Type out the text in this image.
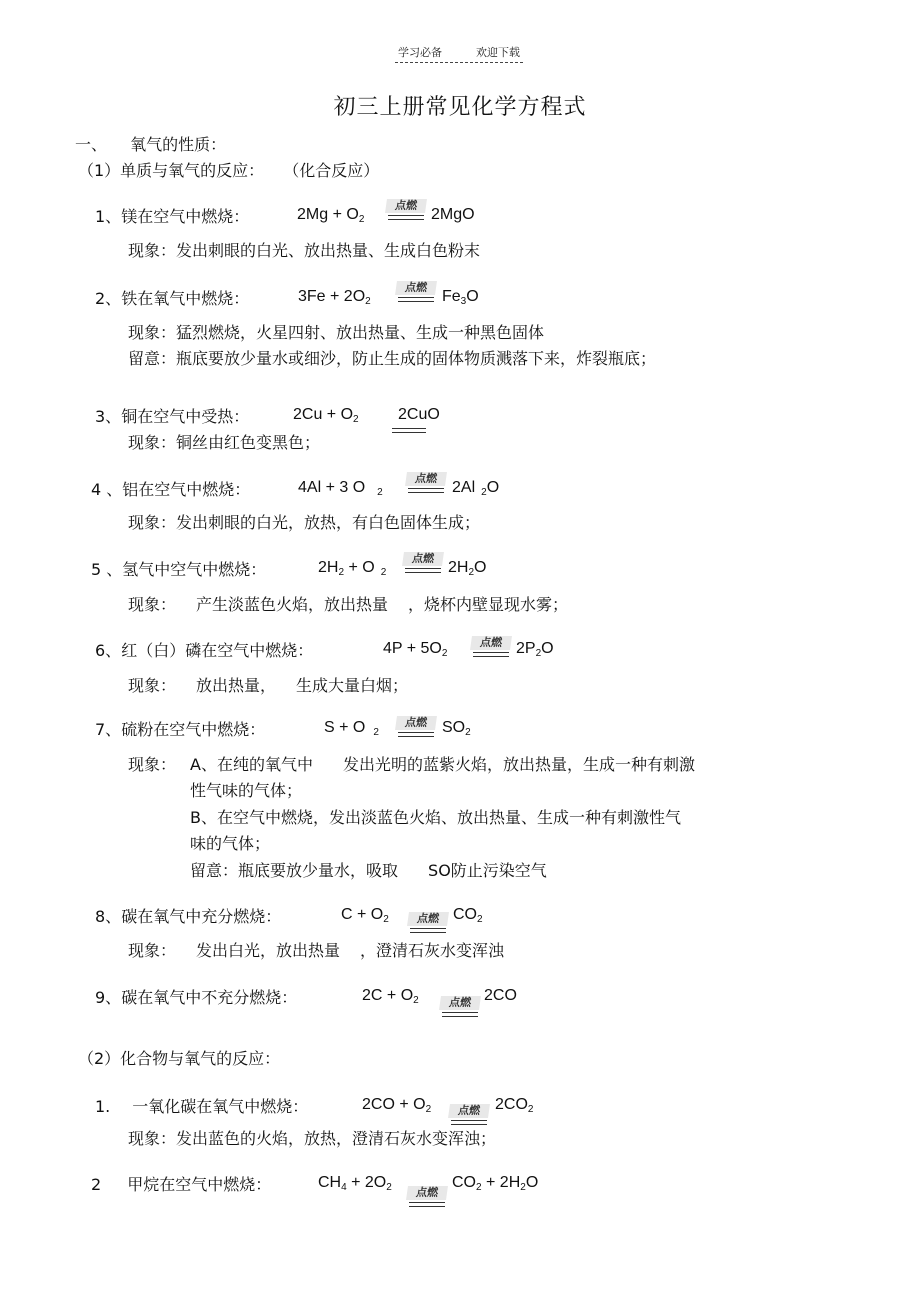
学习必备	欢迎下载
初三上册常见化学方程式
一、 氧气的性质：
（1）单质与氧气的反应： （化合反应）
1、 镁在空气中燃烧：	$2Mg + O_2$
点燃
2MgO
现象：发出刺眼的白光、放出热量、生成白色粉末
2、 铁在氧气中燃烧：	$3Fe + 2O_2$
点燃
$Fe_3O$
现象：猛烈燃烧，火星四射、放出热量、生成一种黑色固体
留意：瓶底要放少量水或细沙，防止生成的固体物质溅落下来，炸裂瓶底；
3、 铜在空气中受热：	$2Cu + O_2$ 2CuO
现象：铜丝由红色变黑色；
4 、 铝在空气中燃烧：	4Al + 3 O $_2$
点燃
2Al $_2$O
现象：发出刺眼的白光，放热，有白色固体生成；
5 、 氢气中空气中燃烧：	$2H_2 + O$ $_2$
点燃
$2H_2O$
现象： 产生淡蓝色火焰，放出热量 ，烧杯内壁显现水雾；
6、 红（白）磷在空气中燃烧：	$4P + 5O_2$
点燃 $2P_2O$
现象： 放出热量， 生成大量白烟；
7、 硫粉在空气中燃烧：	S + O $_2$
点燃 $SO_2$
现象： A、在纯的氧气中 发出光明的蓝紫火焰，放出热量，生成一种有刺激
性气味的气体；
B、在空气中燃烧，发出淡蓝色火焰、放出热量、生成一种有刺激性气
味的气体；
留意：瓶底要放少量水，吸取 SO防止污染空气
8、 碳在氧气中充分燃烧：	$C + O_2$	点燃 $CO_2$
现象： 发出白光，放出热量 ，澄清石灰水变浑浊
9、 碳在氧气中不充分燃烧：	$2C + O_2$	点燃 2CO
（2）化合物与氧气的反应：
1. 一氧化碳在氧气中燃烧：	$2CO + O_2$	点燃 $2CO_2$
现象：发出蓝色的火焰，放热，澄清石灰水变浑浊；
2 甲烷在空气中燃烧：	$CH_4 + 2O_2$	点燃
$CO_2 + 2H_2O$
